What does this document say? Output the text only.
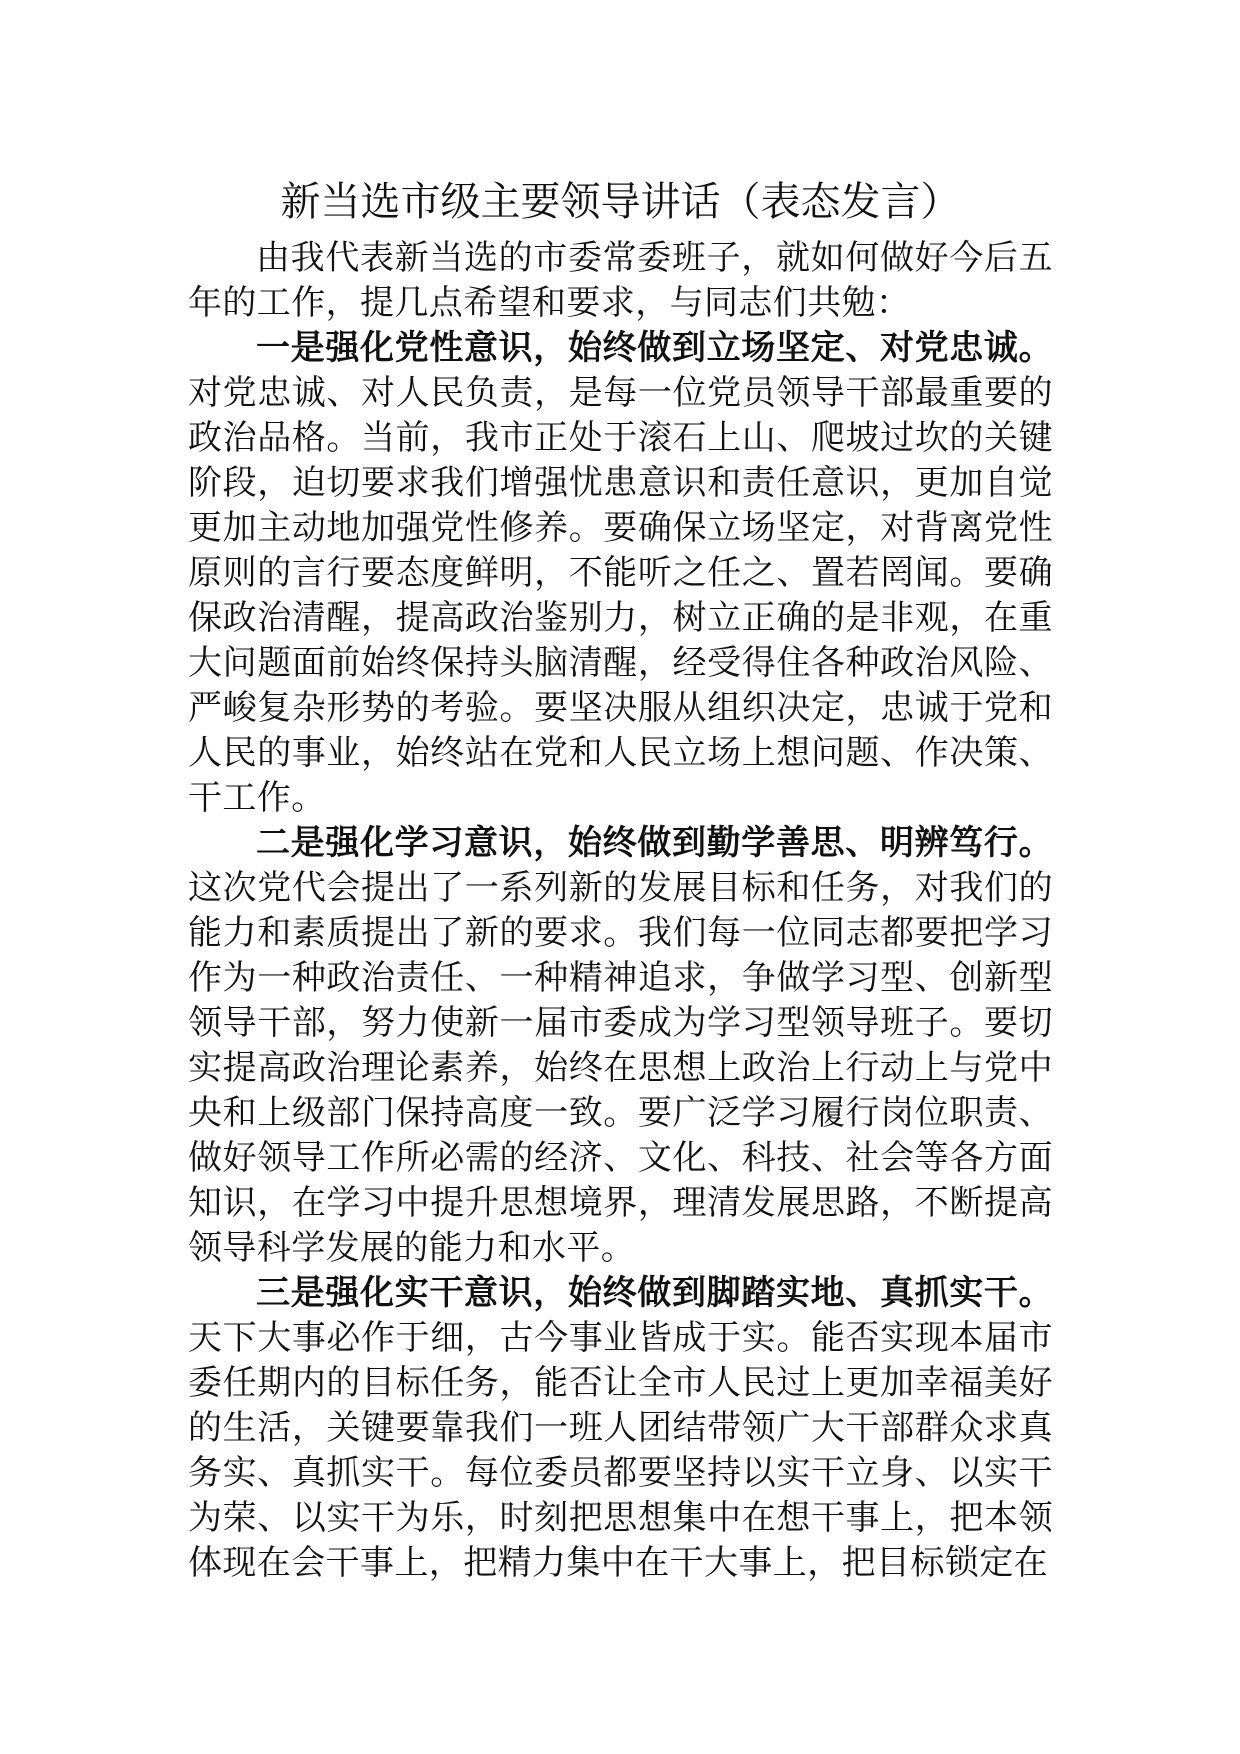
新当选市级主要领导讲话（表态发言）

由我代表新当选的市委常委班子，就如何做好今后五年的工作，提几点希望和要求，与同志们共勉：

一是强化党性意识，始终做到立场坚定、对党忠诚。对党忠诚、对人民负责，是每一位党员领导干部最重要的政治品格。当前，我市正处于滚石上山、爬坡过坎的关键阶段，迫切要求我们增强忧患意识和责任意识，更加自觉更加主动地加强党性修养。要确保立场坚定，对背离党性原则的言行要态度鲜明，不能听之任之、置若罔闻。要确保政治清醒，提高政治鉴别力，树立正确的是非观，在重大问题面前始终保持头脑清醒，经受得住各种政治风险、严峻复杂形势的考验。要坚决服从组织决定，忠诚于党和人民的事业，始终站在党和人民立场上想问题、作决策、干工作。

二是强化学习意识，始终做到勤学善思、明辨笃行。这次党代会提出了一系列新的发展目标和任务，对我们的能力和素质提出了新的要求。我们每一位同志都要把学习作为一种政治责任、一种精神追求，争做学习型、创新型领导干部，努力使新一届市委成为学习型领导班子。要切实提高政治理论素养，始终在思想上政治上行动上与党中央和上级部门保持高度一致。要广泛学习履行岗位职责、做好领导工作所必需的经济、文化、科技、社会等各方面知识，在学习中提升思想境界，理清发展思路，不断提高领导科学发展的能力和水平。

三是强化实干意识，始终做到脚踏实地、真抓实干。天下大事必作于细，古今事业皆成于实。能否实现本届市委任期内的目标任务，能否让全市人民过上更加幸福美好的生活，关键要靠我们一班人团结带领广大干部群众求真务实、真抓实干。每位委员都要坚持以实干立身、以实干为荣、以实干为乐，时刻把思想集中在想干事上，把本领体现在会干事上，把精力集中在干大事上，把目标锁定在
